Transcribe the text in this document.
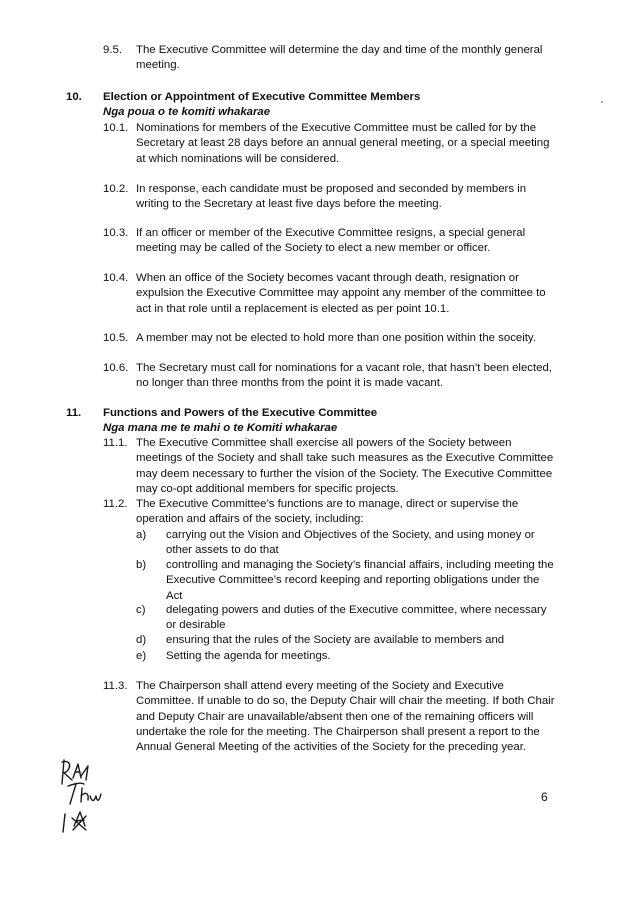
9.5. The Executive Committee will determine the day and time of the monthly general meeting.
10. Election or Appointment of Executive Committee Members
Nga poua o te komiti whakarae
10.1. Nominations for members of the Executive Committee must be called for by the Secretary at least 28 days before an annual general meeting, or a special meeting at which nominations will be considered.
10.2. In response, each candidate must be proposed and seconded by members in writing to the Secretary at least five days before the meeting.
10.3. If an officer or member of the Executive Committee resigns, a special general meeting may be called of the Society to elect a new member or officer.
10.4. When an office of the Society becomes vacant through death, resignation or expulsion the Executive Committee may appoint any member of the committee to act in that role until a replacement is elected as per point 10.1.
10.5. A member may not be elected to hold more than one position within the soceity.
10.6. The Secretary must call for nominations for a vacant role, that hasn’t been elected, no longer than three months from the point it is made vacant.
11. Functions and Powers of the Executive Committee
Nga mana me te mahi o te Komiti whakarae
11.1. The Executive Committee shall exercise all powers of the Society between meetings of the Society and shall take such measures as the Executive Committee may deem necessary to further the vision of the Society. The Executive Committee may co-opt additional members for specific projects.
11.2. The Executive Committee’s functions are to manage, direct or supervise the operation and affairs of the society, including:
a) carrying out the Vision and Objectives of the Society, and using money or other assets to do that
b) controlling and managing the Society’s financial affairs, including meeting the Executive Committee’s record keeping and reporting obligations under the Act
c) delegating powers and duties of the Executive committee, where necessary or desirable
d) ensuring that the rules of the Society are available to members and
e) Setting the agenda for meetings.
11.3. The Chairperson shall attend every meeting of the Society and Executive Committee. If unable to do so, the Deputy Chair will chair the meeting. If both Chair and Deputy Chair are unavailable/absent then one of the remaining officers will undertake the role for the meeting. The Chairperson shall present a report to the Annual General Meeting of the activities of the Society for the preceding year.
6
